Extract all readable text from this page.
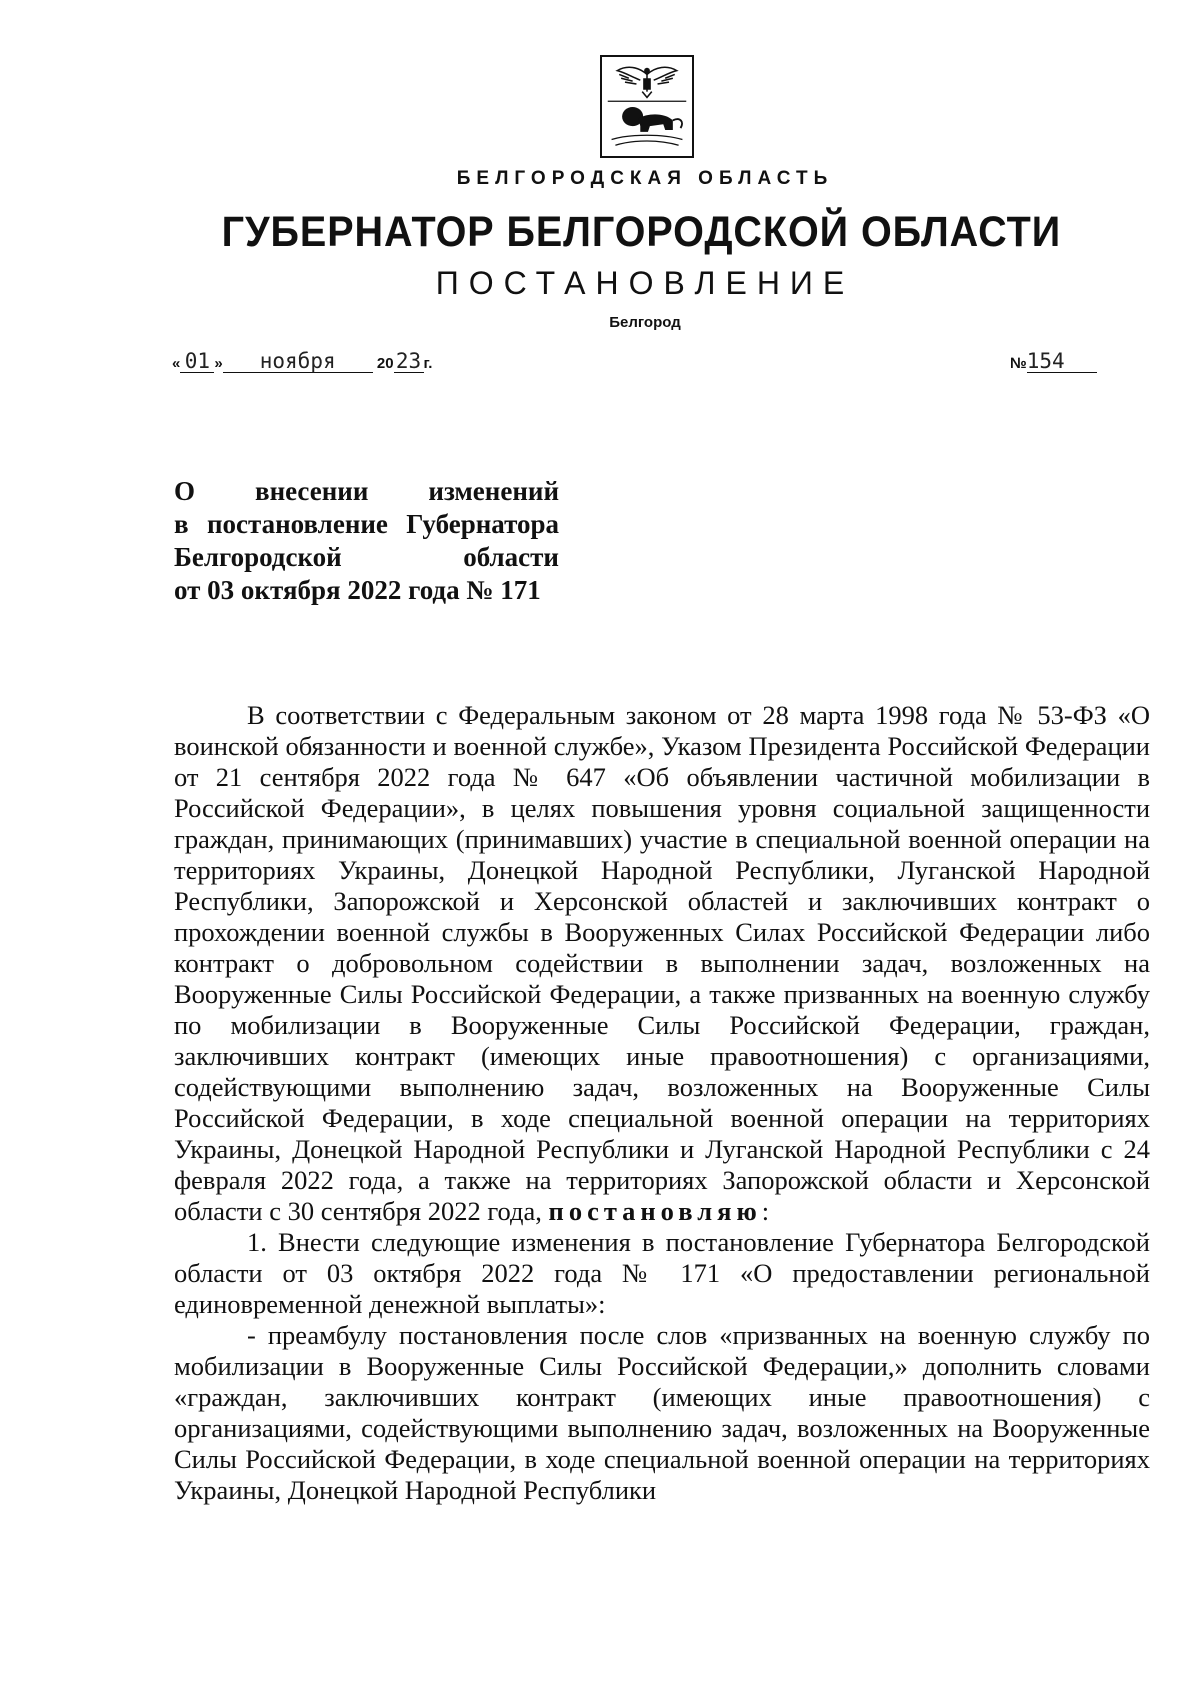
БЕЛГОРОДСКАЯ ОБЛАСТЬ
ГУБЕРНАТОР БЕЛГОРОДСКОЙ ОБЛАСТИ
ПОСТАНОВЛЕНИЕ
Белгород
« 01 » ноября	20 23 г.	№154
О внесении изменений
в постановление Губернатора
Белгородской области
от 03 октября 2022 года № 171

В соответствии с Федеральным законом от 28 марта 1998 года № 53-ФЗ «О воинской обязанности и военной службе», Указом Президента Российской Федерации от 21 сентября 2022 года № 647 «Об объявлении частичной мобилизации в Российской Федерации», в целях повышения уровня социальной защищенности граждан, принимающих (принимавших) участие в специальной военной операции на территориях Украины, Донецкой Народной Республики, Луганской Народной Республики, Запорожской и Херсонской областей и заключивших контракт о прохождении военной службы в Вооруженных Силах Российской Федерации либо контракт о добровольном содействии в выполнении задач, возложенных на Вооруженные Силы Российской Федерации, а также призванных на военную службу по мобилизации в Вооруженные Силы Российской Федерации, граждан, заключивших контракт (имеющих иные правоотношения) с организациями, содействующими выполнению задач, возложенных на Вооруженные Силы Российской Федерации, в ходе специальной военной операции на территориях Украины, Донецкой Народной Республики и Луганской Народной Республики с 24 февраля 2022 года, а также на территориях Запорожской области и Херсонской области с 30 сентября 2022 года, постановляю:

1. Внести следующие изменения в постановление Губернатора Белгородской области от 03 октября 2022 года № 171 «О предоставлении региональной единовременной денежной выплаты»:

- преамбулу постановления после слов «призванных на военную службу по мобилизации в Вооруженные Силы Российской Федерации,» дополнить словами «граждан, заключивших контракт (имеющих иные правоотношения) с организациями, содействующими выполнению задач, возложенных на Вооруженные Силы Российской Федерации, в ходе специальной военной операции на территориях Украины, Донецкой Народной Республики
